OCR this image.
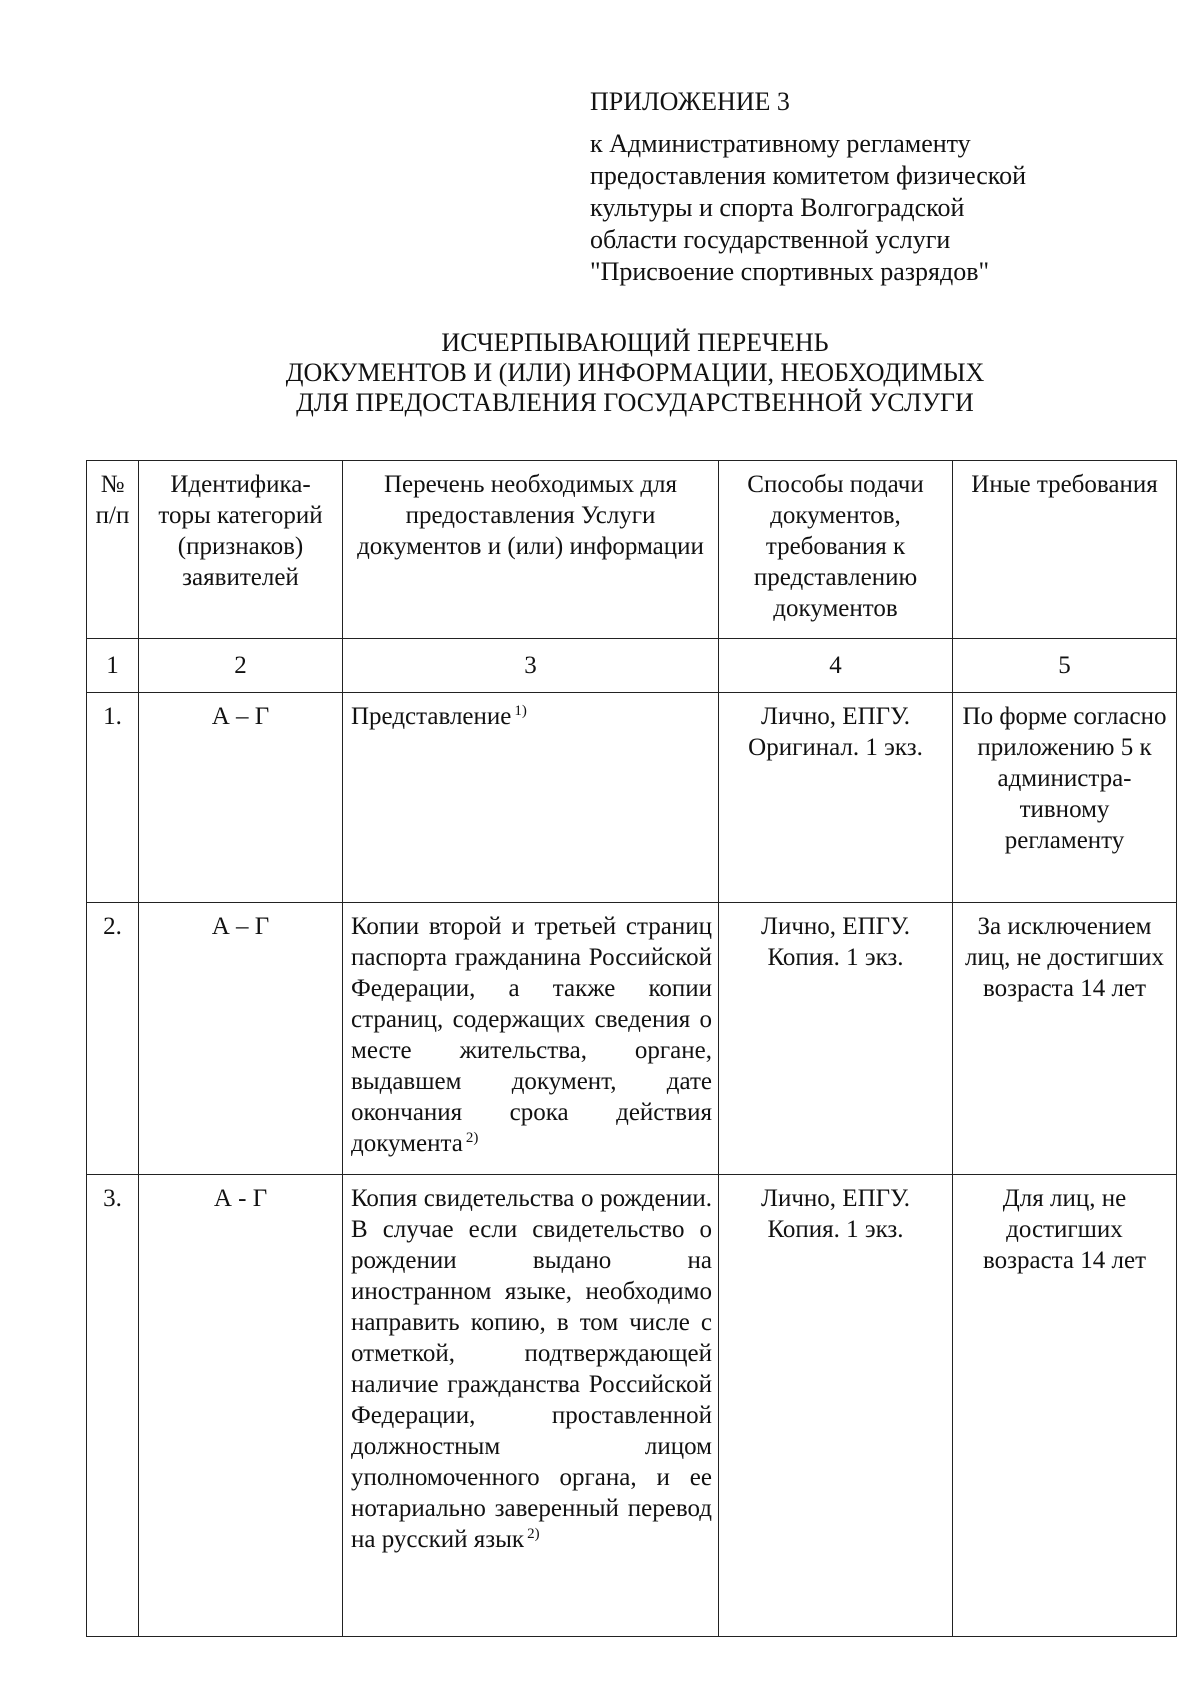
ПРИЛОЖЕНИЕ 3
к Административному регламенту
предоставления комитетом физической
культуры и спорта Волгоградской
области государственной услуги
"Присвоение спортивных разрядов"
ИСЧЕРПЫВАЮЩИЙ ПЕРЕЧЕНЬ
ДОКУМЕНТОВ И (ИЛИ) ИНФОРМАЦИИ, НЕОБХОДИМЫХ
ДЛЯ ПРЕДОСТАВЛЕНИЯ ГОСУДАРСТВЕННОЙ УСЛУГИ
№ п/п	Идентифика-торы категорий (признаков) заявителей	Перечень необходимых для предоставления Услуги документов и (или) информации	Способы подачи документов, требования к представлению документов	Иные требования
1	2	3	4	5
1.	А – Г	Представление $^{1)}$	Лично, ЕПГУ. Оригинал. 1 экз.	По форме согласно приложению 5 к администра-тивному регламенту
2.	А – Г	Копии второй и третьей страниц паспорта гражданина Российской Федерации, а также копии страниц, содержащих сведения о месте жительства, органе, выдавшем документ, дате окончания срока действия документа $^{2)}$	Лично, ЕПГУ. Копия. 1 экз.	За исключением лиц, не достигших возраста 14 лет
3.	А - Г	Копия свидетельства о рождении. В случае если свидетельство о рождении выдано на иностранном языке, необходимо направить копию, в том числе с отметкой, подтверждающей наличие гражданства Российской Федерации, проставленной должностным лицом уполномоченного органа, и ее нотариально заверенный перевод на русский язык $^{2)}$	Лично, ЕПГУ. Копия. 1 экз.	Для лиц, не достигших возраста 14 лет
